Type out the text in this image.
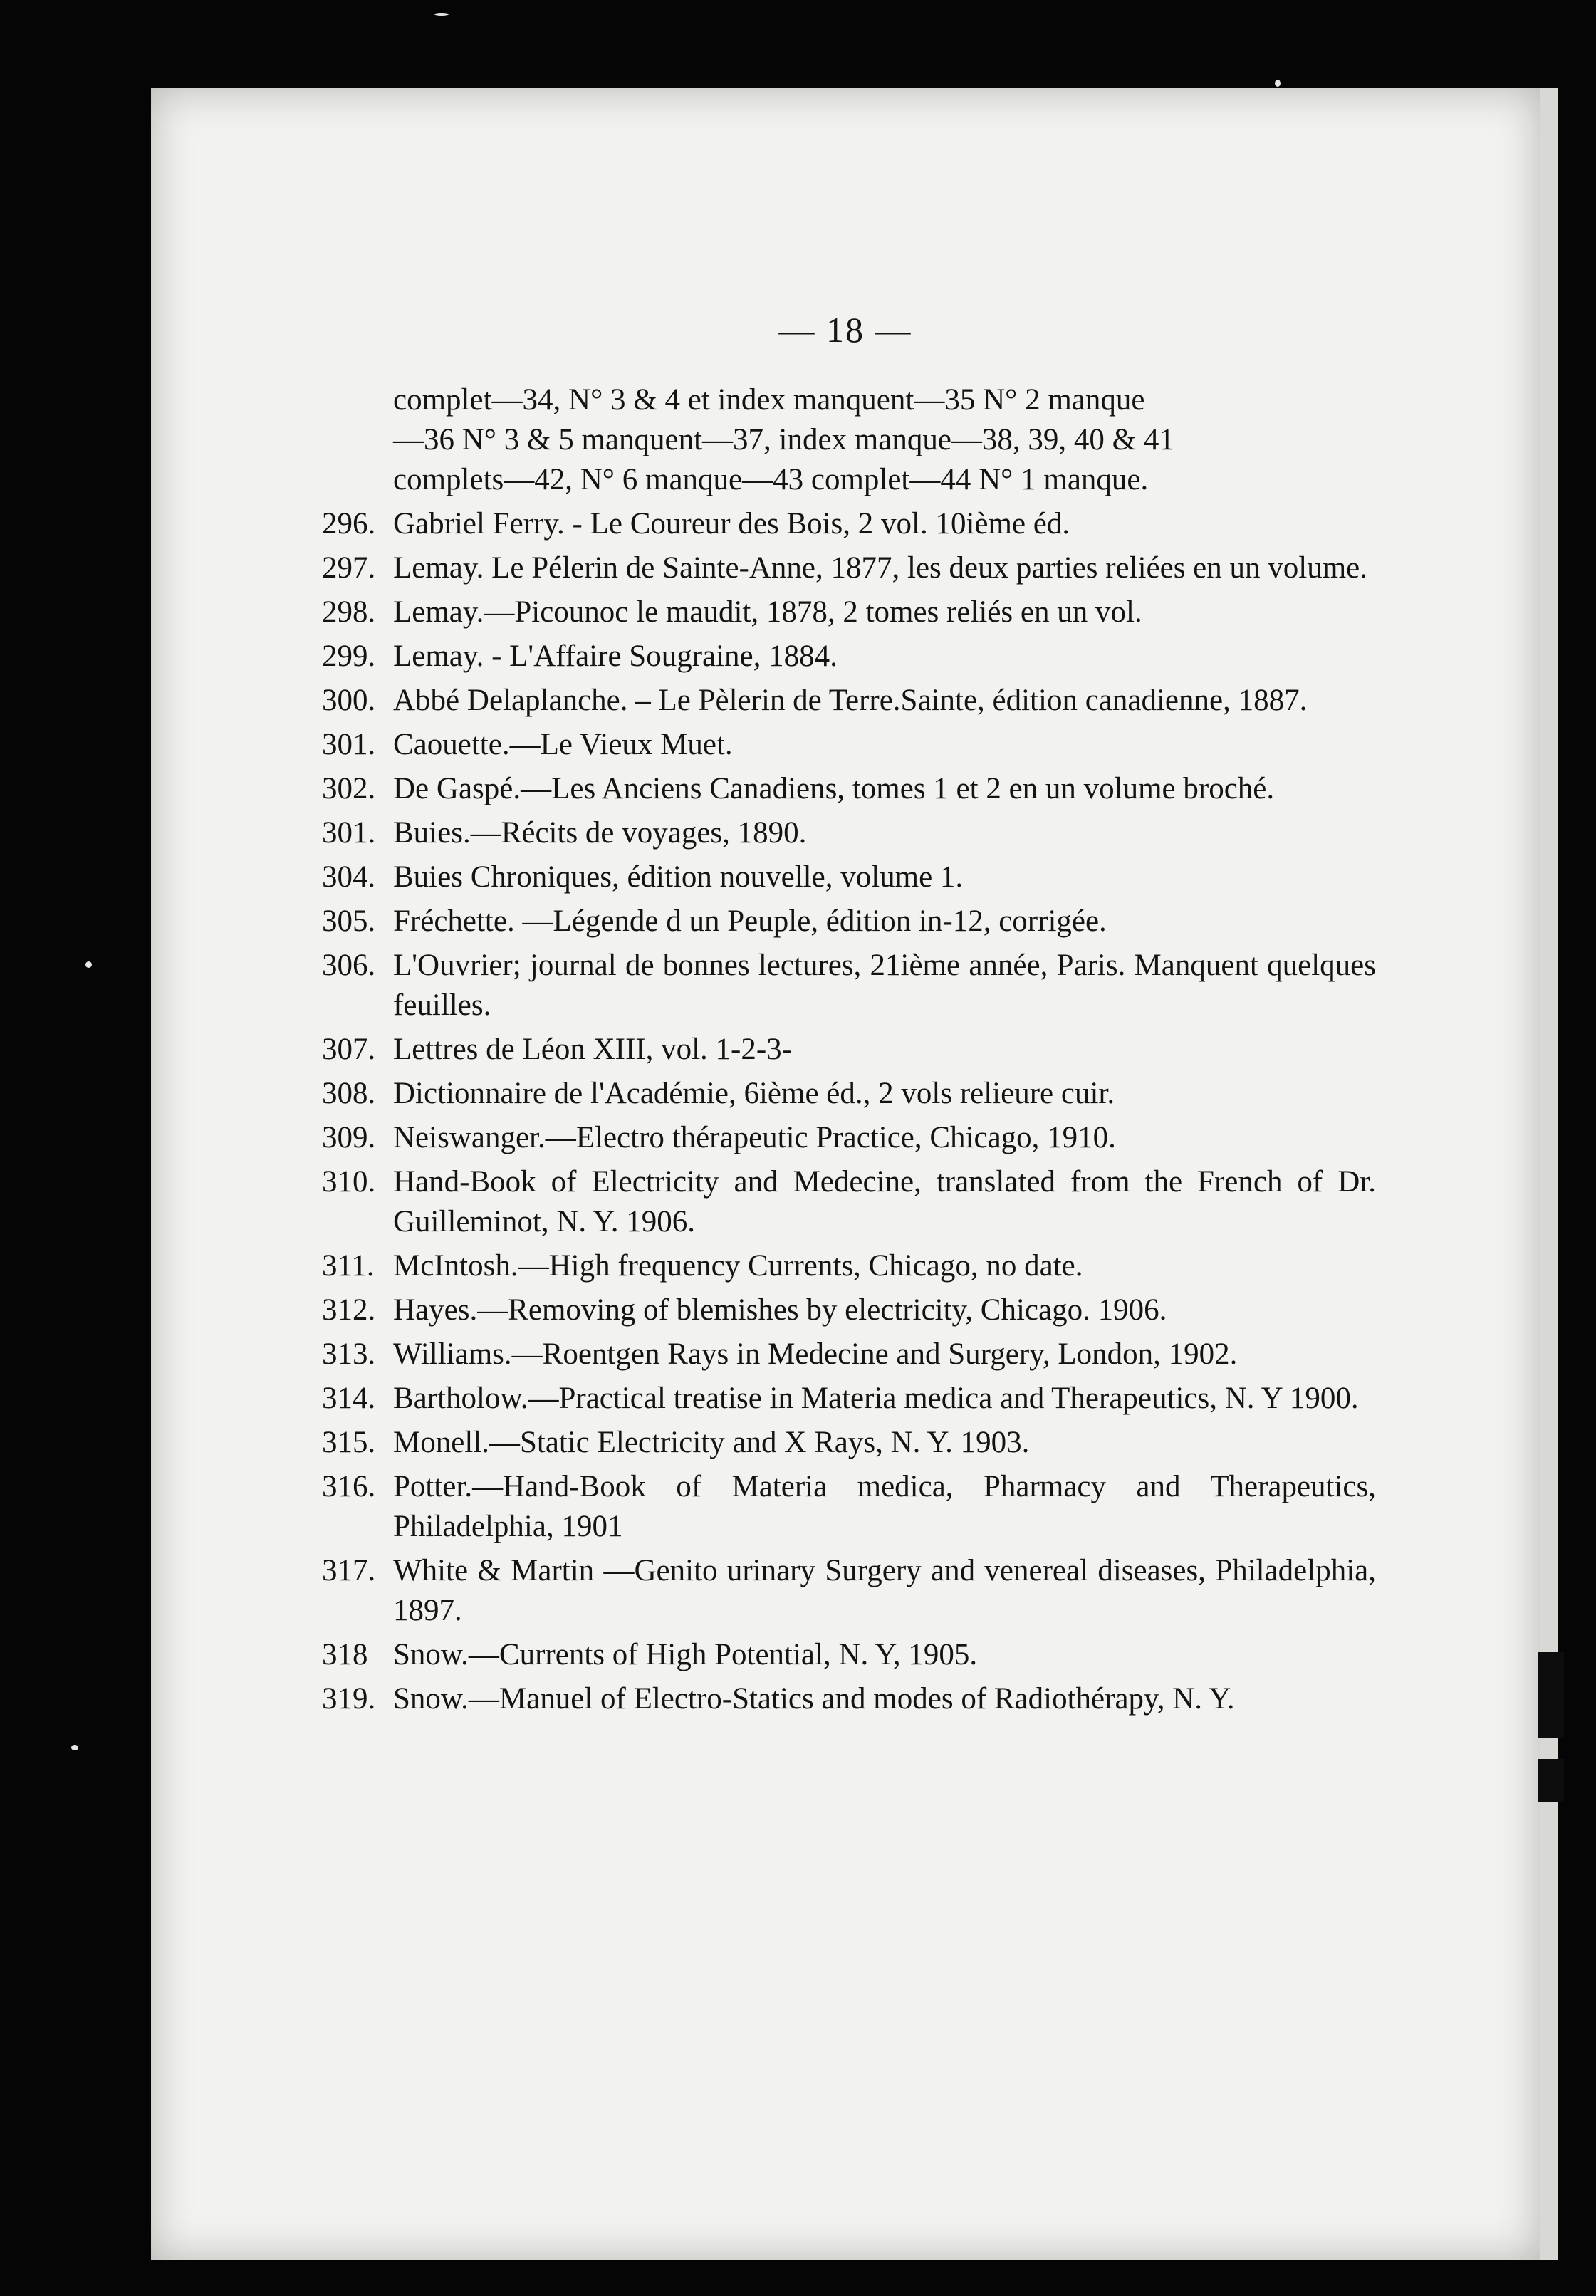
— 18 —
complet—34, N° 3 & 4 et index manquent—35 N° 2 manque
—36 N° 3 & 5 manquent—37, index manque—38, 39, 40 & 41
complets—42, N° 6 manque—43 complet—44 N° 1 manque.
296. Gabriel Ferry. - Le Coureur des Bois, 2 vol. 10ième éd.
297. Lemay. Le Pélerin de Sainte-Anne, 1877, les deux parties reliées en un volume.
298. Lemay.—Picounoc le maudit, 1878, 2 tomes reliés en un vol.
299. Lemay. - L'Affaire Sougraine, 1884.
300. Abbé Delaplanche. – Le Pèlerin de Terre.Sainte, édition canadienne, 1887.
301. Caouette.—Le Vieux Muet.
302. De Gaspé.—Les Anciens Canadiens, tomes 1 et 2 en un volume broché.
301. Buies.—Récits de voyages, 1890.
304. Buies Chroniques, édition nouvelle, volume 1.
305. Fréchette. —Légende d un Peuple, édition in-12, corrigée.
306. L'Ouvrier; journal de bonnes lectures, 21ième année, Paris. Manquent quelques feuilles.
307. Lettres de Léon XIII, vol. 1-2-3-
308. Dictionnaire de l'Académie, 6ième éd., 2 vols relieure cuir.
309. Neiswanger.—Electro thérapeutic Practice, Chicago, 1910.
310. Hand-Book of Electricity and Medecine, translated from the French of Dr. Guilleminot, N. Y. 1906.
311. McIntosh.—High frequency Currents, Chicago, no date.
312. Hayes.—Removing of blemishes by electricity, Chicago. 1906.
313. Williams.—Roentgen Rays in Medecine and Surgery, London, 1902.
314. Bartholow.—Practical treatise in Materia medica and Therapeutics, N. Y 1900.
315. Monell.—Static Electricity and X Rays, N. Y. 1903.
316. Potter.—Hand-Book of Materia medica, Pharmacy and Therapeutics, Philadelphia, 1901
317. White & Martin —Genito urinary Surgery and venereal diseases, Philadelphia, 1897.
318 Snow.—Currents of High Potential, N. Y, 1905.
319. Snow.—Manuel of Electro-Statics and modes of Radiothérapy, N. Y.
